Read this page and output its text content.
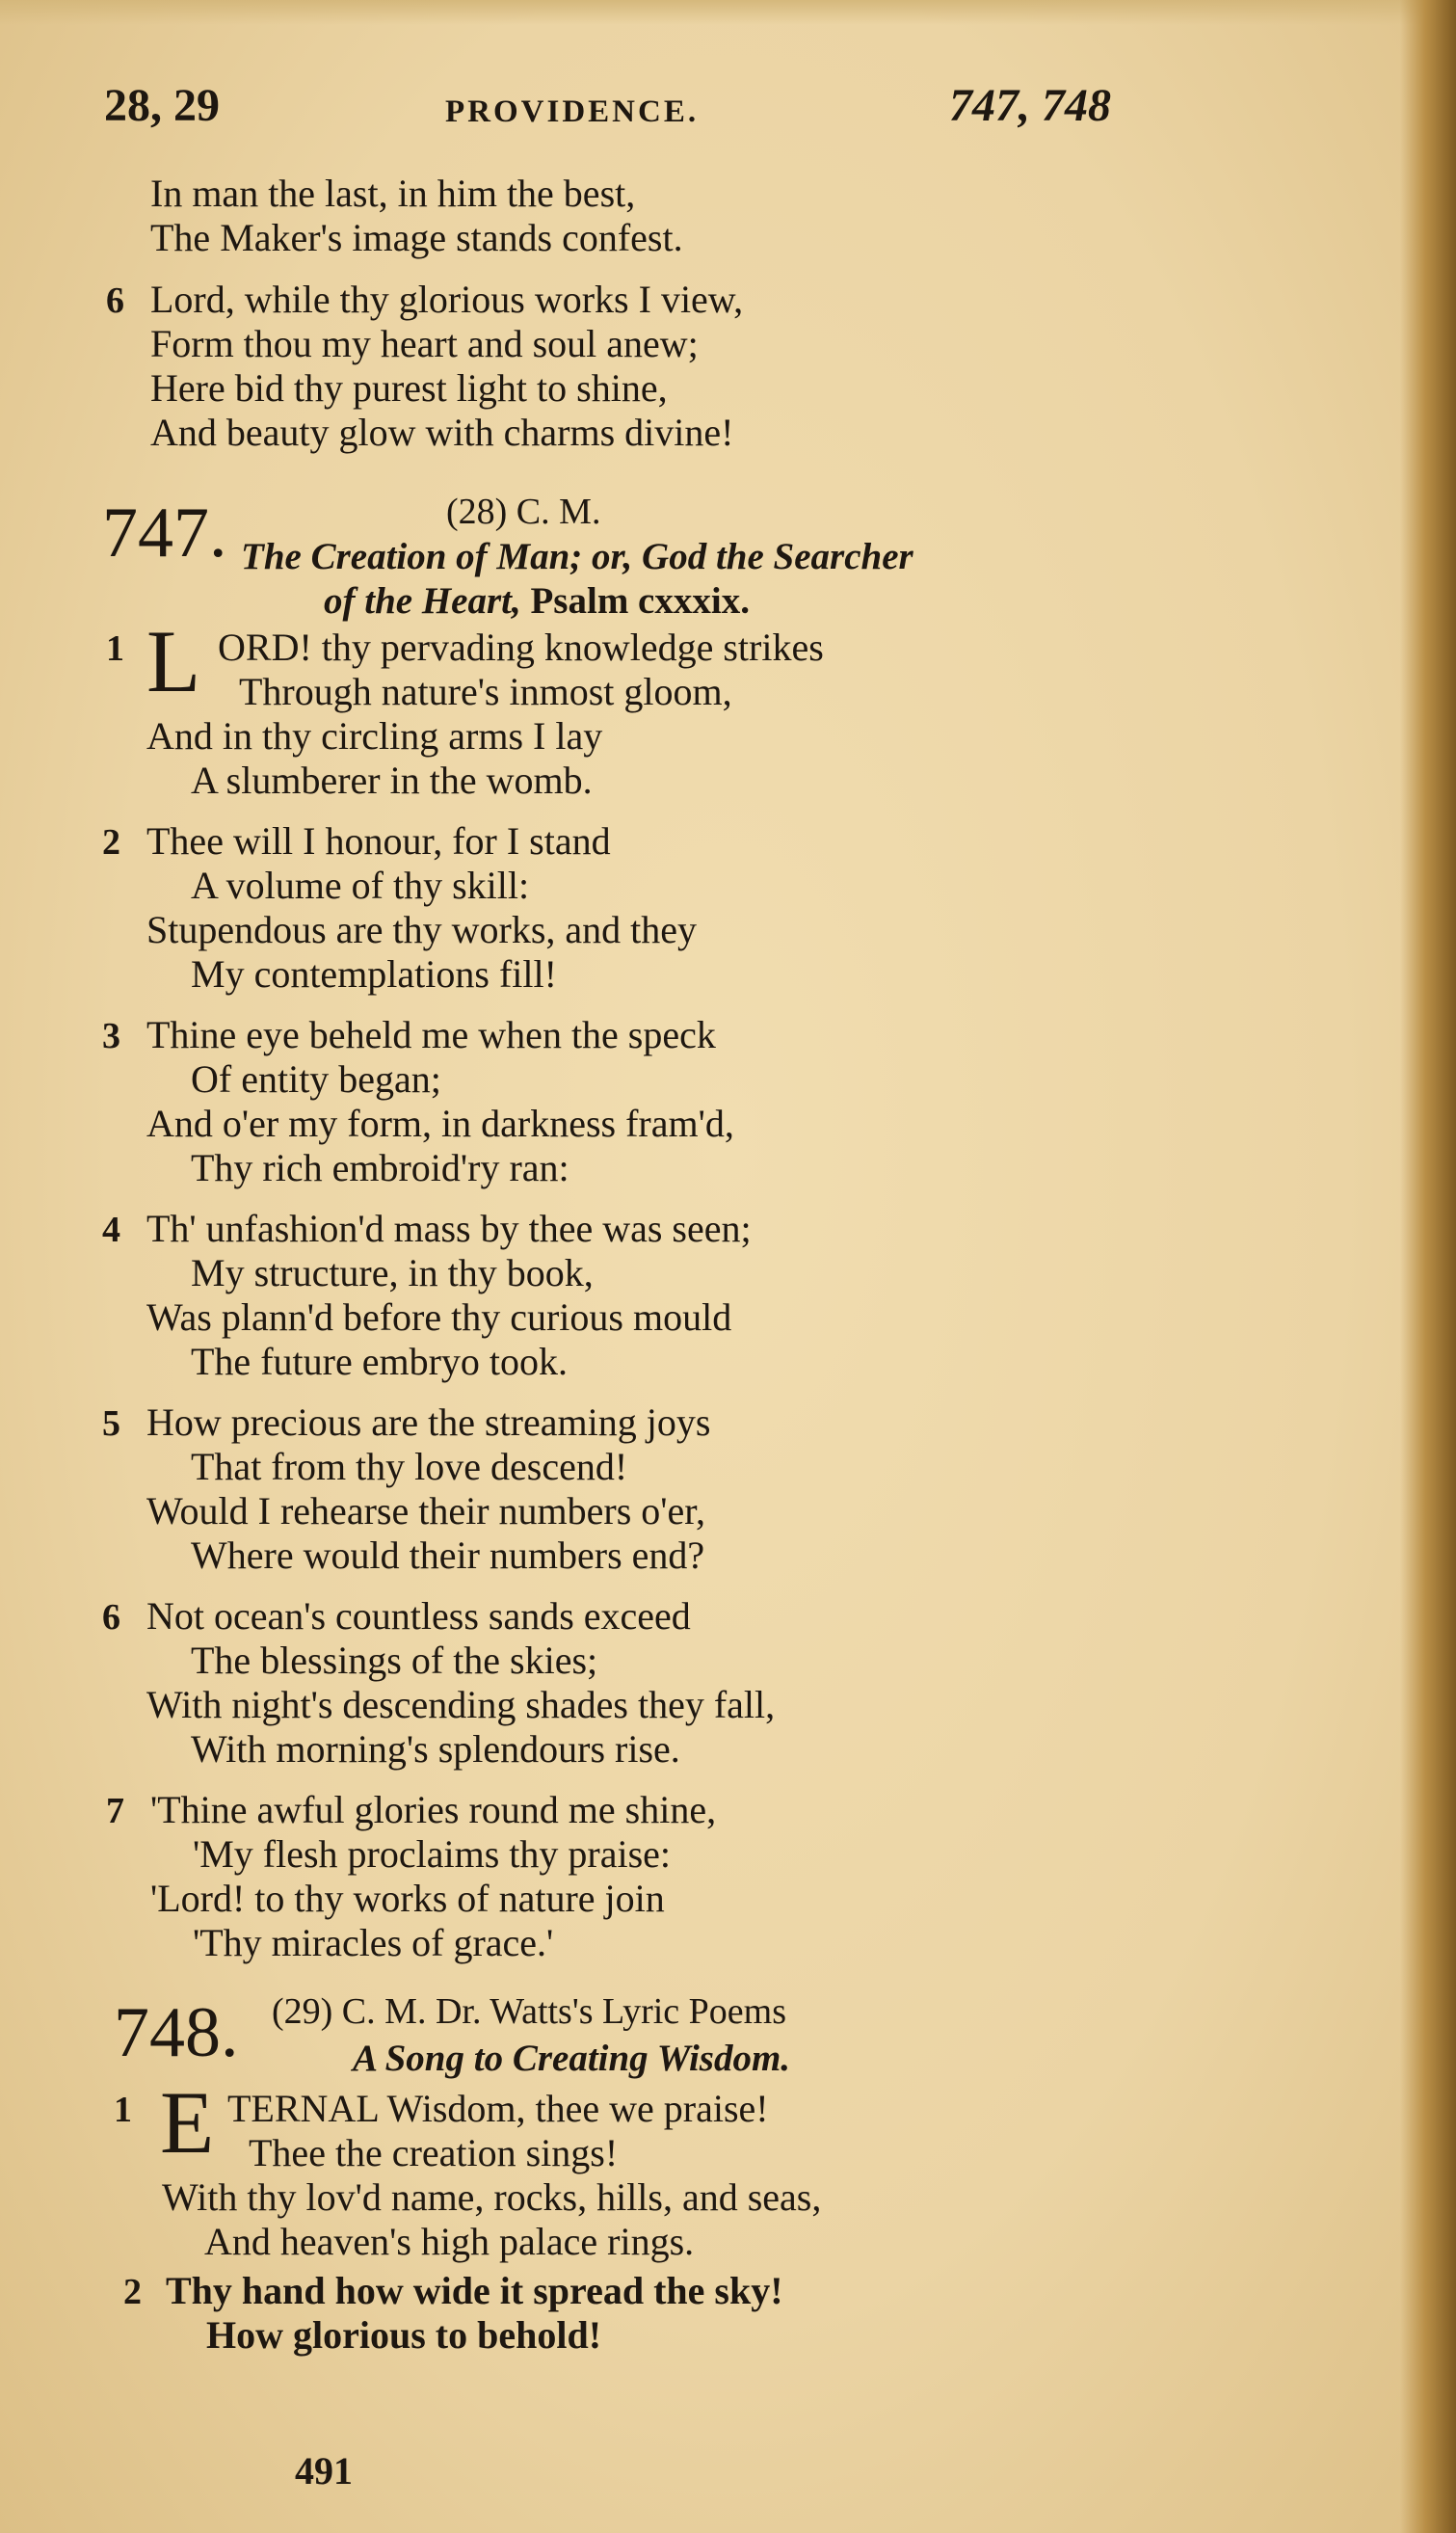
28, 29	PROVIDENCE.	747, 748
In man the last, in him the best,
The Maker's image stands confest.
6 Lord, while thy glorious works I view,
Form thou my heart and soul anew;
Here bid thy purest light to shine,
And beauty glow with charms divine!
747.	(28) C. M.
The Creation of Man; or, God the Searcher
of the Heart, Psalm cxxxix.
1 L ORD! thy pervading knowledge strikes
Through nature's inmost gloom,
And in thy circling arms I lay
A slumberer in the womb.
2 Thee will I honour, for I stand
A volume of thy skill:
Stupendous are thy works, and they
My contemplations fill!
3 Thine eye beheld me when the speck
Of entity began;
And o'er my form, in darkness fram'd,
Thy rich embroid'ry ran:
4 Th' unfashion'd mass by thee was seen;
My structure, in thy book,
Was plann'd before thy curious mould
The future embryo took.
5 How precious are the streaming joys
That from thy love descend!
Would I rehearse their numbers o'er,
Where would their numbers end?
6 Not ocean's countless sands exceed
The blessings of the skies;
With night's descending shades they fall,
With morning's splendours rise.
7 'Thine awful glories round me shine,
'My flesh proclaims thy praise:
'Lord! to thy works of nature join
'Thy miracles of grace.'
748. (29) C. M. Dr. Watts's Lyric Poems
A Song to Creating Wisdom.
1 E TERNAL Wisdom, thee we praise!
Thee the creation sings!
With thy lov'd name, rocks, hills, and seas,
And heaven's high palace rings.
2 Thy hand how wide it spread the sky!
How glorious to behold!
491
